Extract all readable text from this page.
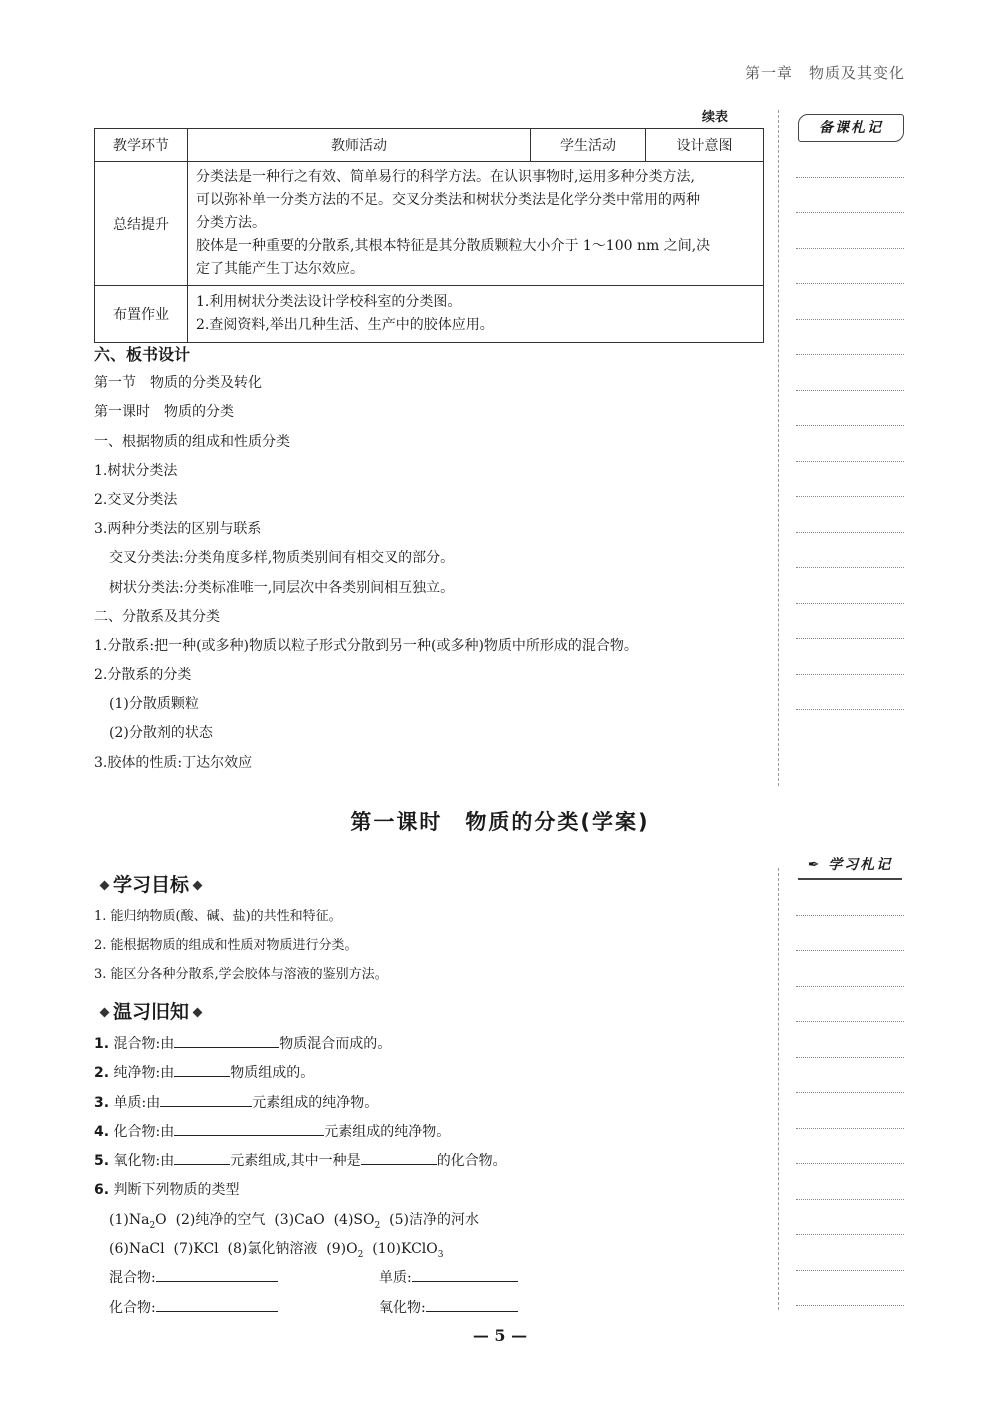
第一章　物质及其变化
续表
教学环节	教师活动	学生活动	设计意图
总结提升	分类法是一种行之有效、简单易行的科学方法。在认识事物时,运用多种分类方法,
可以弥补单一分类方法的不足。交叉分类法和树状分类法是化学分类中常用的两种
分类方法。
胶体是一种重要的分散系,其根本特征是其分散质颗粒大小介于 1～100 nm 之间,决
定了其能产生丁达尔效应。		

布置作业	1.利用树状分类法设计学校科室的分类图。
2.查阅资料,举出几种生活、生产中的胶体应用。		
备课札记
六、板书设计
第一节　物质的分类及转化
第一课时　物质的分类
一、根据物质的组成和性质分类
1.树状分类法
2.交叉分类法
3.两种分类法的区别与联系
交叉分类法:分类角度多样,物质类别间有相交叉的部分。
树状分类法:分类标准唯一,同层次中各类别间相互独立。
二、分散系及其分类
1.分散系:把一种(或多种)物质以粒子形式分散到另一种(或多种)物质中所形成的混合物。
2.分散系的分类
(1)分散质颗粒
(2)分散剂的状态
3.胶体的性质:丁达尔效应
第一课时　物质的分类(学案)
✒ 学习札记
学习目标
1. 能归纳物质(酸、碱、盐)的共性和特征。
2. 能根据物质的组成和性质对物质进行分类。
3. 能区分各种分散系,学会胶体与溶液的鉴别方法。
温习旧知
1. 混合物:由	物质混合而成的。
2. 纯净物:由	物质组成的。
3. 单质:由	元素组成的纯净物。
4. 化合物:由	元素组成的纯净物。
5. 氧化物:由	元素组成,其中一种是	的化合物。
6. 判断下列物质的类型
$(1)Na_2O$ (2)纯净的空气 (3)CaO $(4)SO_2$ (5)洁净的河水
(6)NaCl (7)KCl (8)氯化钠溶液 $(9)O_2$ (10)KClO$_3$
混合物:	单质:
化合物:	氧化物:
— 5 —
